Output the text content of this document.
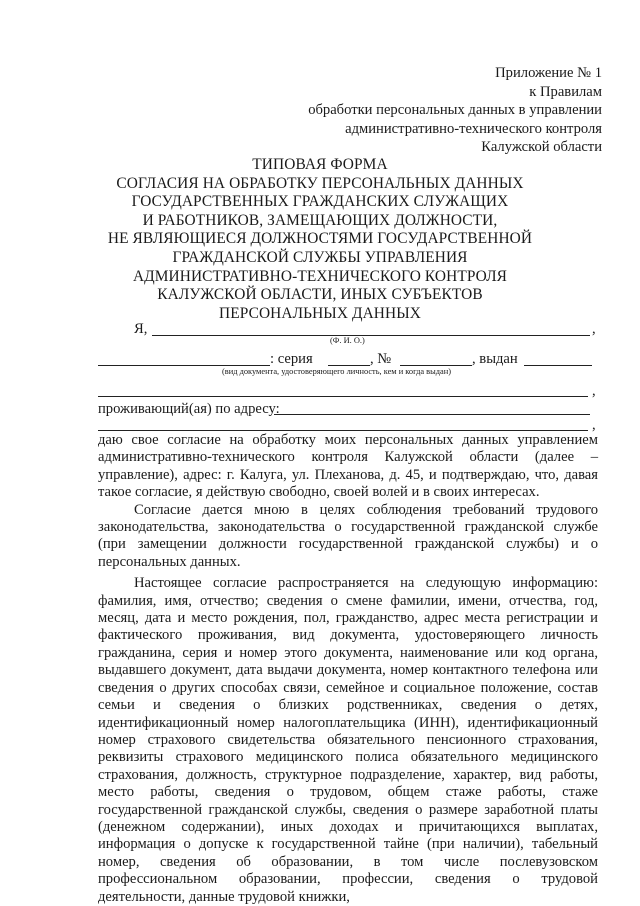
Приложение № 1
к Правилам
обработки персональных данных в управлении
административно-технического контроля
Калужской области
ТИПОВАЯ ФОРМА
СОГЛАСИЯ НА ОБРАБОТКУ ПЕРСОНАЛЬНЫХ ДАННЫХ
ГОСУДАРСТВЕННЫХ ГРАЖДАНСКИХ СЛУЖАЩИХ
И РАБОТНИКОВ, ЗАМЕЩАЮЩИХ ДОЛЖНОСТИ,
НЕ ЯВЛЯЮЩИЕСЯ ДОЛЖНОСТЯМИ ГОСУДАРСТВЕННОЙ
ГРАЖДАНСКОЙ СЛУЖБЫ УПРАВЛЕНИЯ
АДМИНИСТРАТИВНО-ТЕХНИЧЕСКОГО КОНТРОЛЯ
КАЛУЖСКОЙ ОБЛАСТИ, ИНЫХ СУБЪЕКТОВ
ПЕРСОНАЛЬНЫХ ДАННЫХ
Я,	,
(Ф. И. О.)
: серия	, №	, выдан
(вид документа, удостоверяющего личность, кем и когда выдан)
,
проживающий(ая) по адресу:
,

даю свое согласие на обработку моих персональных данных управлением административно-технического контроля Калужской области (далее – управление), адрес: г. Калуга, ул. Плеханова, д. 45, и подтверждаю, что, давая такое согласие, я действую свободно, своей волей и в своих интересах.

Согласие дается мною в целях соблюдения требований трудового законодательства, законодательства о государственной гражданской службе (при замещении должности государственной гражданской службы) и о персональных данных.

Настоящее согласие распространяется на следующую информацию: фамилия, имя, отчество; сведения о смене фамилии, имени, отчества, год, месяц, дата и место рождения, пол, гражданство, адрес места регистрации и фактического проживания, вид документа, удостоверяющего личность гражданина, серия и номер этого документа, наименование или код органа, выдавшего документ, дата выдачи документа, номер контактного телефона или сведения о других способах связи, семейное и социальное положение, состав семьи и сведения о близких родственниках, сведения о детях, идентификационный номер налогоплательщика (ИНН), идентификационный номер страхового свидетельства обязательного пенсионного страхования, реквизиты страхового медицинского полиса обязательного медицинского страхования, должность, структурное подразделение, характер, вид работы, место работы, сведения о трудовом, общем стаже работы, стаже государственной гражданской службы, сведения о размере заработной платы (денежном содержании), иных доходах и причитающихся выплатах, информация о допуске к государственной тайне (при наличии), табельный номер, сведения об образовании, в том числе послевузовском профессиональном образовании, профессии, сведения о трудовой деятельности, данные трудовой книжки,
